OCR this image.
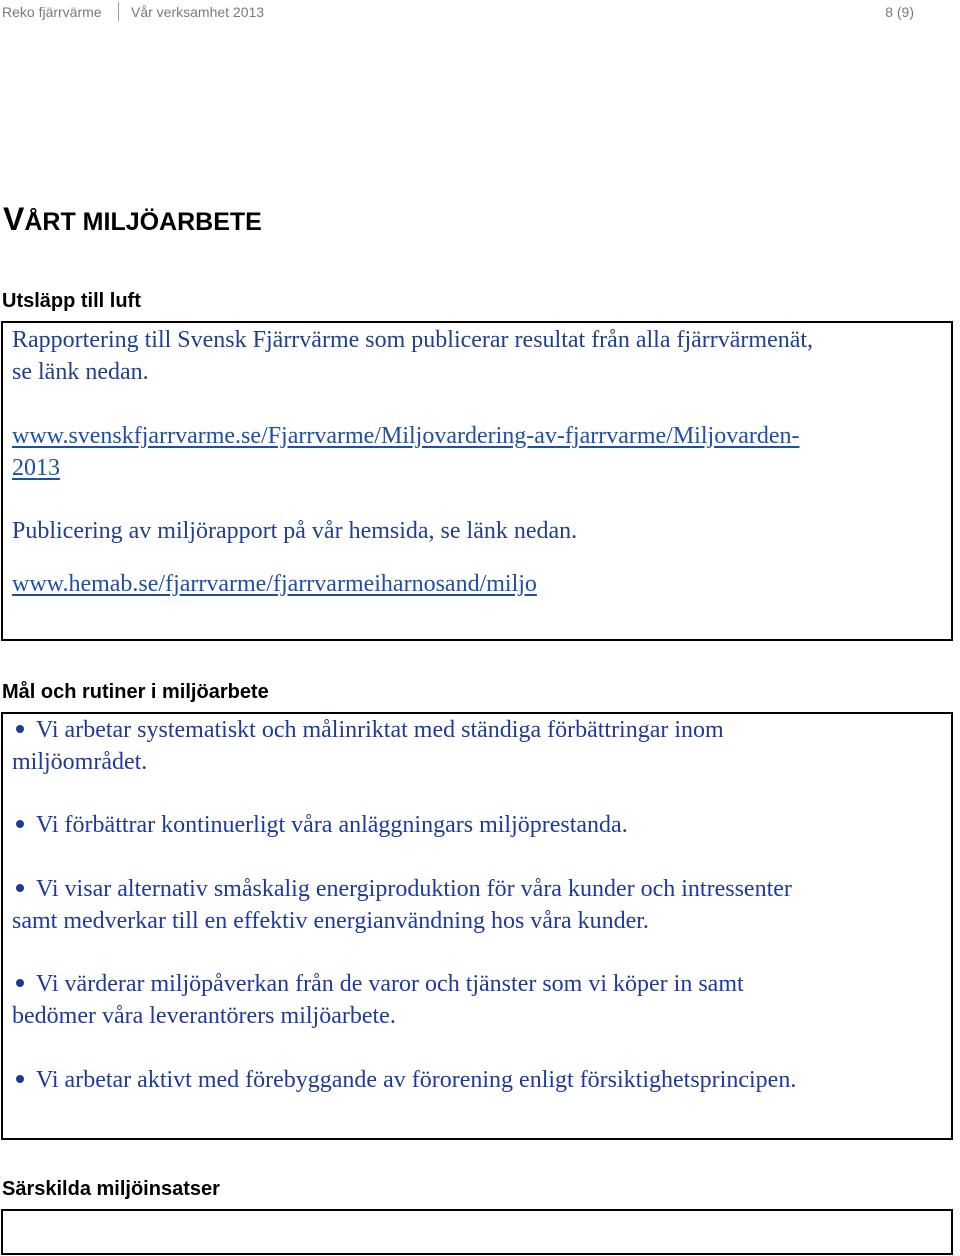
Reko fjärrvärme Vår verksamhet 2013	8 (9)
VÅRT MILJÖARBETE
Utsläpp till luft
Rapportering till Svensk Fjärrvärme som publicerar resultat från alla fjärrvärmenät,
se länk nedan.
www.svenskfjarrvarme.se/Fjarrvarme/Miljovardering-av-fjarrvarme/Miljovarden-
2013
Publicering av miljörapport på vår hemsida, se länk nedan.
www.hemab.se/fjarrvarme/fjarrvarmeiharnosand/miljo
Mål och rutiner i miljöarbete
Vi arbetar systematiskt och målinriktat med ständiga förbättringar inom
miljöområdet.
Vi förbättrar kontinuerligt våra anläggningars miljöprestanda.
Vi visar alternativ småskalig energiproduktion för våra kunder och intressenter
samt medverkar till en effektiv energianvändning hos våra kunder.
Vi värderar miljöpåverkan från de varor och tjänster som vi köper in samt
bedömer våra leverantörers miljöarbete.
Vi arbetar aktivt med förebyggande av förorening enligt försiktighetsprincipen.
Särskilda miljöinsatser
